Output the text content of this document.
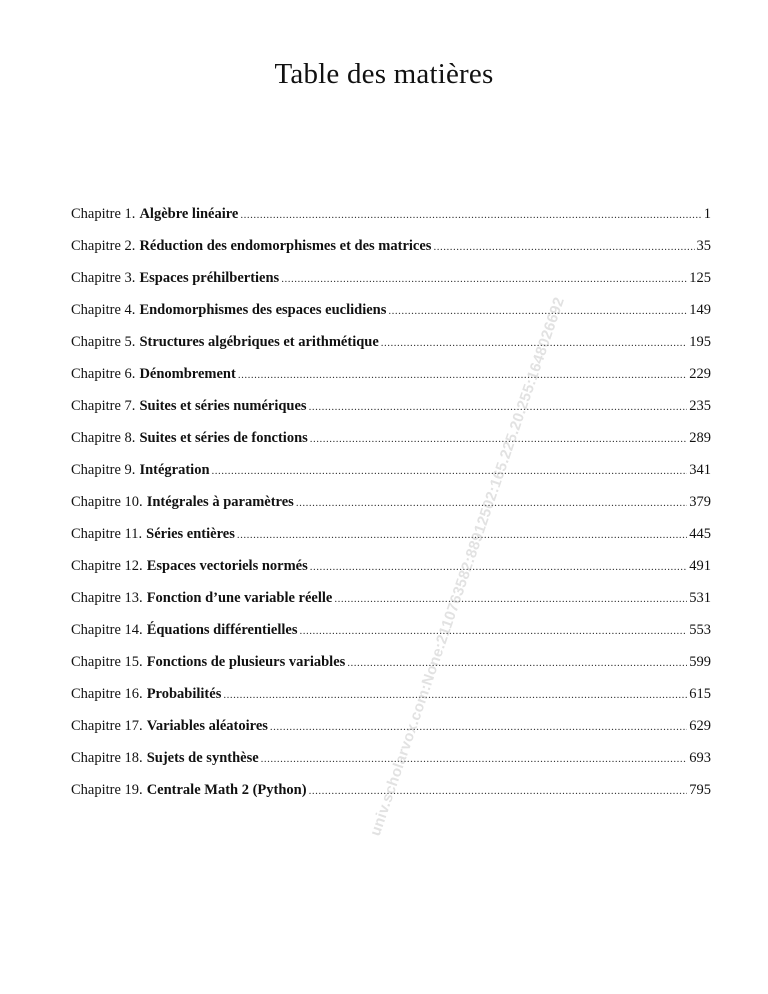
Table des matières
Chapitre 1. Algèbre linéaire .....	1
Chapitre 2. Réduction des endomorphismes et des matrices .....	35
Chapitre 3. Espaces préhilbertiens .....	125
Chapitre 4. Endomorphismes des espaces euclidiens .....	149
Chapitre 5. Structures algébriques et arithmétique .....	195
Chapitre 6. Dénombrement .....	229
Chapitre 7. Suites et séries numériques .....	235
Chapitre 8. Suites et séries de fonctions .....	289
Chapitre 9. Intégration .....	341
Chapitre 10. Intégrales à paramètres .....	379
Chapitre 11. Séries entières .....	445
Chapitre 12. Espaces vectoriels normés .....	491
Chapitre 13. Fonction d’une variable réelle .....	531
Chapitre 14. Équations différentielles .....	553
Chapitre 15. Fonctions de plusieurs variables .....	599
Chapitre 16. Probabilités .....	615
Chapitre 17. Variables aléatoires .....	629
Chapitre 18. Sujets de synthèse .....	693
Chapitre 19. Centrale Math 2 (Python) .....	795
univ.scholarvox.com:None:2110763582:88912502:165.225.20.255:1648026692
